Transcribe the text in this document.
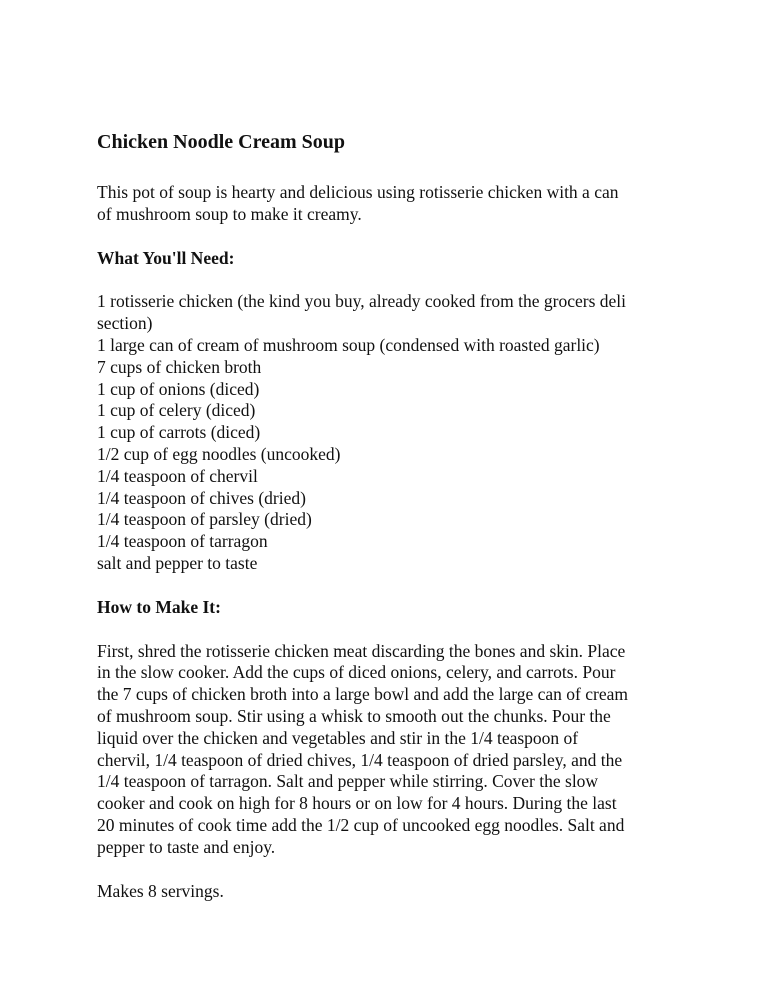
Chicken Noodle Cream Soup
This pot of soup is hearty and delicious using rotisserie chicken with a can
of mushroom soup to make it creamy.
What You'll Need:
1 rotisserie chicken (the kind you buy, already cooked from the grocers deli
section)
1 large can of cream of mushroom soup (condensed with roasted garlic)
7 cups of chicken broth
1 cup of onions (diced)
1 cup of celery (diced)
1 cup of carrots (diced)
1/2 cup of egg noodles (uncooked)
1/4 teaspoon of chervil
1/4 teaspoon of chives (dried)
1/4 teaspoon of parsley (dried)
1/4 teaspoon of tarragon
salt and pepper to taste
How to Make It:
First, shred the rotisserie chicken meat discarding the bones and skin. Place
in the slow cooker. Add the cups of diced onions, celery, and carrots. Pour
the 7 cups of chicken broth into a large bowl and add the large can of cream
of mushroom soup. Stir using a whisk to smooth out the chunks. Pour the
liquid over the chicken and vegetables and stir in the 1/4 teaspoon of
chervil, 1/4 teaspoon of dried chives, 1/4 teaspoon of dried parsley, and the
1/4 teaspoon of tarragon. Salt and pepper while stirring. Cover the slow
cooker and cook on high for 8 hours or on low for 4 hours. During the last
20 minutes of cook time add the 1/2 cup of uncooked egg noodles. Salt and
pepper to taste and enjoy.
Makes 8 servings.
